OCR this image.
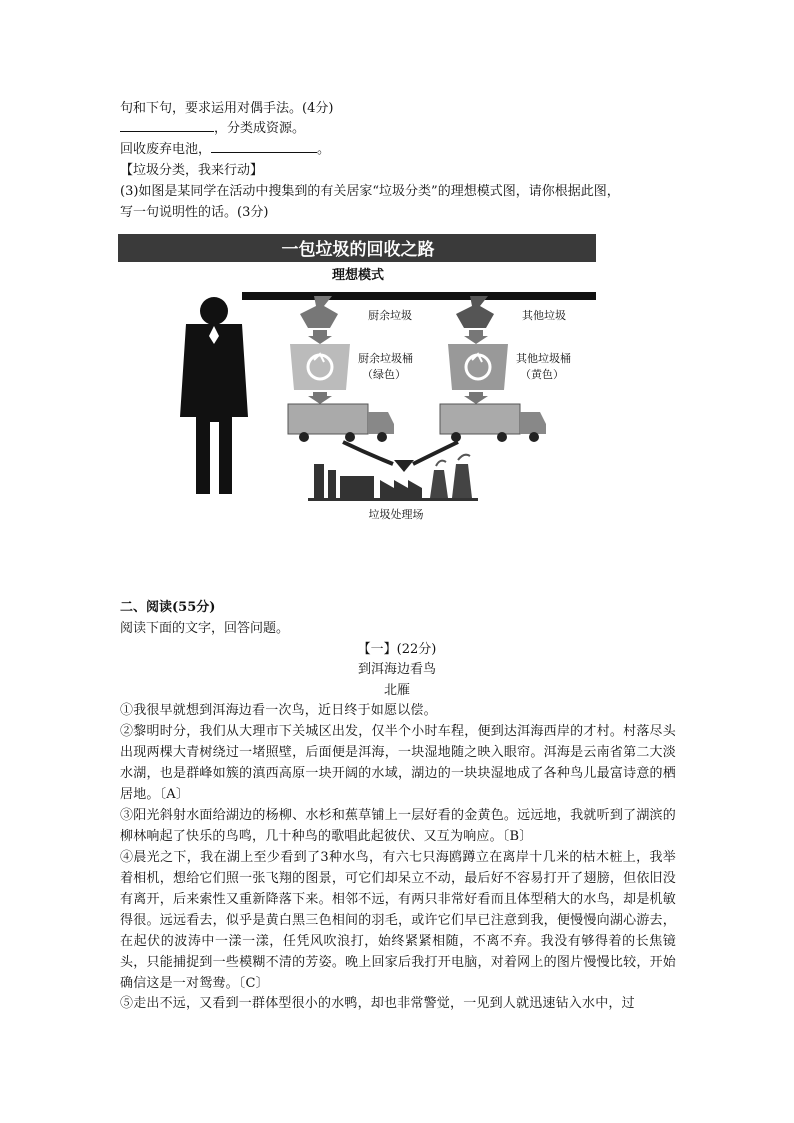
句和下句，要求运用对偶手法。(4分)
，分类成资源。
回收废弃电池，	。
【垃圾分类，我来行动】
(3)如图是某同学在活动中搜集到的有关居家“垃圾分类”的理想模式图，请你根据此图，
写一句说明性的话。(3分)
一包垃圾的回收之路
理想模式
厨余垃圾	其他垃圾
厨余垃圾桶
（绿色）
其他垃圾桶
（黄色）
垃圾处理场
二、阅读(55分)
阅读下面的文字，回答问题。
【一】(22分)
到洱海边看鸟
北雁
①我很早就想到洱海边看一次鸟，近日终于如愿以偿。
②黎明时分，我们从大理市下关城区出发，仅半个小时车程，便到达洱海西岸的才村。村落尽头出现两棵大青树绕过一堵照壁，后面便是洱海，一块湿地随之映入眼帘。洱海是云南省第二大淡水湖，也是群峰如簇的滇西高原一块开阔的水域，湖边的一块块湿地成了各种鸟儿最富诗意的栖居地。〔A〕
③阳光斜射水面给湖边的杨柳、水杉和蕉草铺上一层好看的金黄色。远远地，我就听到了湖滨的柳林响起了快乐的鸟鸣，几十种鸟的歌唱此起彼伏、又互为响应。〔B〕
④晨光之下，我在湖上至少看到了3种水鸟，有六七只海鸥蹲立在离岸十几米的枯木桩上，我举着相机，想给它们照一张飞翔的图景，可它们却呆立不动，最后好不容易打开了翅膀，但依旧没有离开，后来索性又重新降落下来。相邻不远，有两只非常好看而且体型稍大的水鸟，却是机敏得很。远远看去，似乎是黄白黑三色相间的羽毛，或许它们早已注意到我，便慢慢向湖心游去，在起伏的波涛中一漾一漾，任凭风吹浪打，始终紧紧相随，不离不弃。我没有够得着的长焦镜头，只能捕捉到一些模糊不清的芳姿。晚上回家后我打开电脑，对着网上的图片慢慢比较，开始确信这是一对鸳鸯。〔C〕
⑤走出不远，又看到一群体型很小的水鸭，却也非常警觉，一见到人就迅速钻入水中，过
